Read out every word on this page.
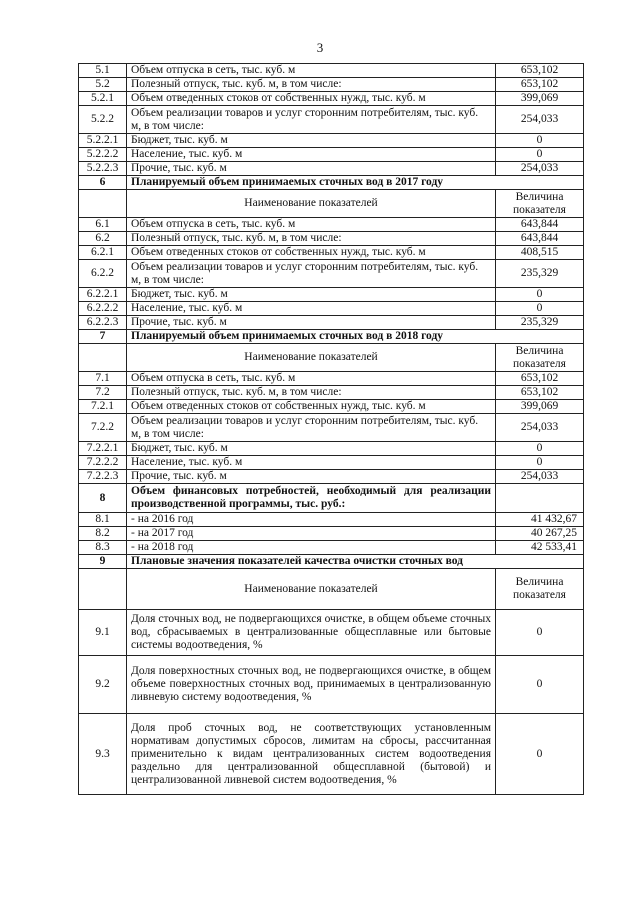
3
5.1	Объем отпуска в сеть, тыс. куб. м	653,102
5.2	Полезный отпуск, тыс. куб. м, в том числе:	653,102
5.2.1	Объем отведенных стоков от собственных нужд, тыс. куб. м	399,069
5.2.2	Объем реализации товаров и услуг сторонним потребителям, тыс. куб. м, в том числе:	254,033
5.2.2.1	Бюджет, тыс. куб. м	0
5.2.2.2	Население, тыс. куб. м	0
5.2.2.3	Прочие, тыс. куб. м	254,033
6	Планируемый объем принимаемых сточных вод в 2017 году	
	Наименование показателей	Величина показателя
6.1	Объем отпуска в сеть, тыс. куб. м	643,844
6.2	Полезный отпуск, тыс. куб. м, в том числе:	643,844
6.2.1	Объем отведенных стоков от собственных нужд, тыс. куб. м	408,515
6.2.2	Объем реализации товаров и услуг сторонним потребителям, тыс. куб. м, в том числе:	235,329
6.2.2.1	Бюджет, тыс. куб. м	0
6.2.2.2	Население, тыс. куб. м	0
6.2.2.3	Прочие, тыс. куб. м	235,329
7	Планируемый объем принимаемых сточных вод в 2018 году	
	Наименование показателей	Величина показателя
7.1	Объем отпуска в сеть, тыс. куб. м	653,102
7.2	Полезный отпуск, тыс. куб. м, в том числе:	653,102
7.2.1	Объем отведенных стоков от собственных нужд, тыс. куб. м	399,069
7.2.2	Объем реализации товаров и услуг сторонним потребителям, тыс. куб. м, в том числе:	254,033
7.2.2.1	Бюджет, тыс. куб. м	0
7.2.2.2	Население, тыс. куб. м	0
7.2.2.3	Прочие, тыс. куб. м	254,033
8	Объем финансовых потребностей, необходимый для реализации производственной программы, тыс. руб.:	
8.1	- на 2016 год	41 432,67
8.2	- на 2017 год	40 267,25
8.3	- на 2018 год	42 533,41
9	Плановые значения показателей качества очистки сточных вод	
	Наименование показателей	Величина показателя
9.1	Доля сточных вод, не подвергающихся очистке, в общем объеме сточных вод, сбрасываемых в централизованные общесплавные или бытовые системы водоотведения, %	0
9.2	Доля поверхностных сточных вод, не подвергающихся очистке, в общем объеме поверхностных сточных вод, принимаемых в централизованную ливневую систему водоотведения, %	0
9.3	Доля проб сточных вод, не соответствующих установленным нормативам допустимых сбросов, лимитам на сбросы, рассчитанная применительно к видам централизованных систем водоотведения раздельно для централизованной общесплавной (бытовой) и централизованной ливневой систем водоотведения, %	0
